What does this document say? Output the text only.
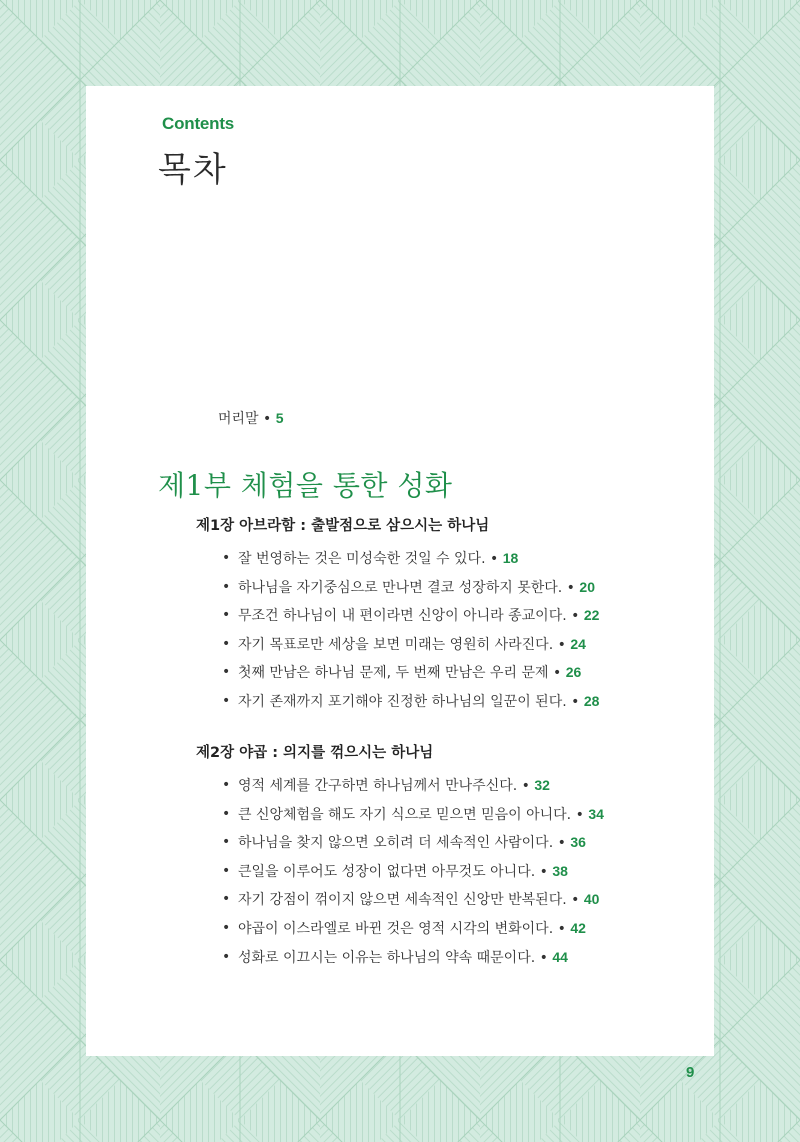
Contents
목차
머리말 • 5
제1부 체험을 통한 성화
제1장 아브라함 : 출발점으로 삼으시는 하나님
• 잘 번영하는 것은 미성숙한 것일 수 있다. • 18
• 하나님을 자기중심으로 만나면 결코 성장하지 못한다. • 20
• 무조건 하나님이 내 편이라면 신앙이 아니라 종교이다. • 22
• 자기 목표로만 세상을 보면 미래는 영원히 사라진다. • 24
• 첫째 만남은 하나님 문제, 두 번째 만남은 우리 문제 • 26
• 자기 존재까지 포기해야 진정한 하나님의 일꾼이 된다. • 28
제2장 야곱 : 의지를 꺾으시는 하나님
• 영적 세계를 간구하면 하나님께서 만나주신다. • 32
• 큰 신앙체험을 해도 자기 식으로 믿으면 믿음이 아니다. • 34
• 하나님을 찾지 않으면 오히려 더 세속적인 사람이다. • 36
• 큰일을 이루어도 성장이 없다면 아무것도 아니다. • 38
• 자기 강점이 꺾이지 않으면 세속적인 신앙만 반복된다. • 40
• 야곱이 이스라엘로 바뀐 것은 영적 시각의 변화이다. • 42
• 성화로 이끄시는 이유는 하나님의 약속 때문이다. • 44
9
